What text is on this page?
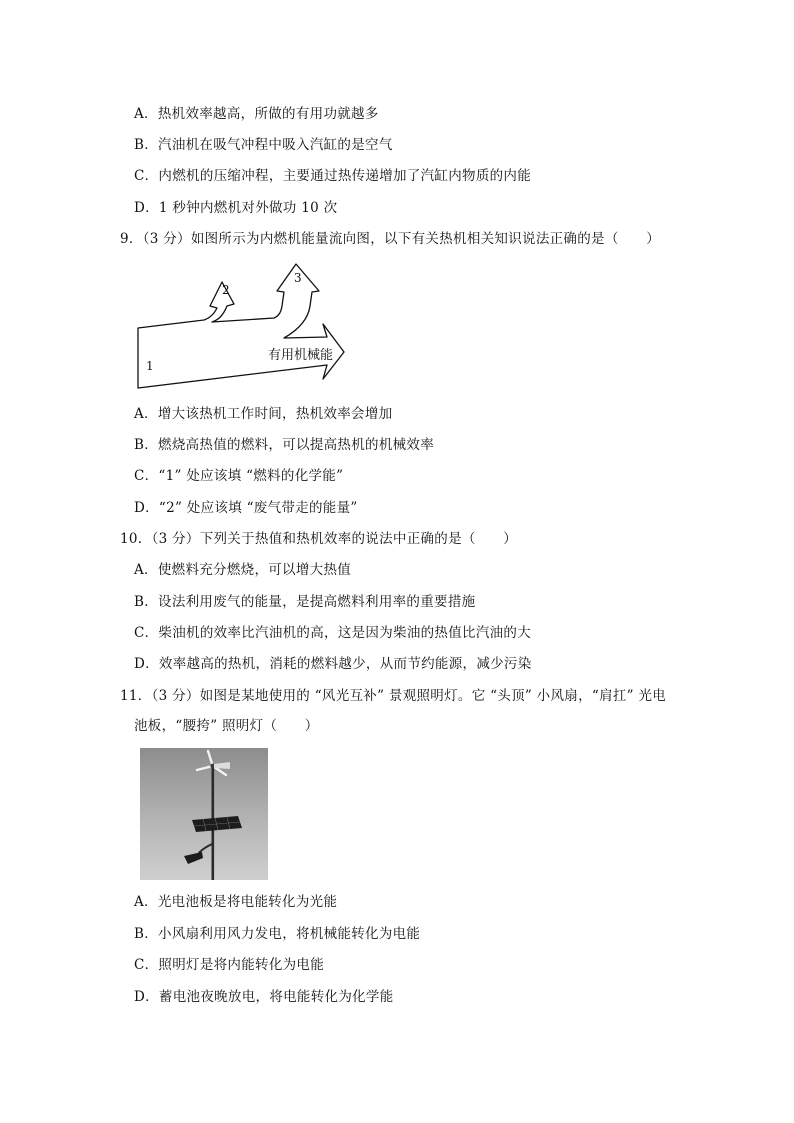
A．热机效率越高，所做的有用功就越多
B．汽油机在吸气冲程中吸入汽缸的是空气
C．内燃机的压缩冲程，主要通过热传递增加了汽缸内物质的内能
D．1 秒钟内燃机对外做功 10 次
9．（3 分）如图所示为内燃机能量流向图，以下有关热机相关知识说法正确的是（　　）
2
3
1
有用机械能
A．增大该热机工作时间，热机效率会增加
B．燃烧高热值的燃料，可以提高热机的机械效率
C．“1” 处应该填 “燃料的化学能”
D．“2” 处应该填 “废气带走的能量”
10．（3 分）下列关于热值和热机效率的说法中正确的是（　　）
A．使燃料充分燃烧，可以增大热值
B．设法利用废气的能量，是提高燃料利用率的重要措施
C．柴油机的效率比汽油机的高，这是因为柴油的热值比汽油的大
D．效率越高的热机，消耗的燃料越少，从而节约能源，减少污染
11．（3 分）如图是某地使用的 “风光互补” 景观照明灯。它 “头顶” 小风扇，“肩扛” 光电
池板，“腰挎” 照明灯（　　）
A．光电池板是将电能转化为光能
B．小风扇利用风力发电，将机械能转化为电能
C．照明灯是将内能转化为电能
D．蓄电池夜晚放电，将电能转化为化学能
